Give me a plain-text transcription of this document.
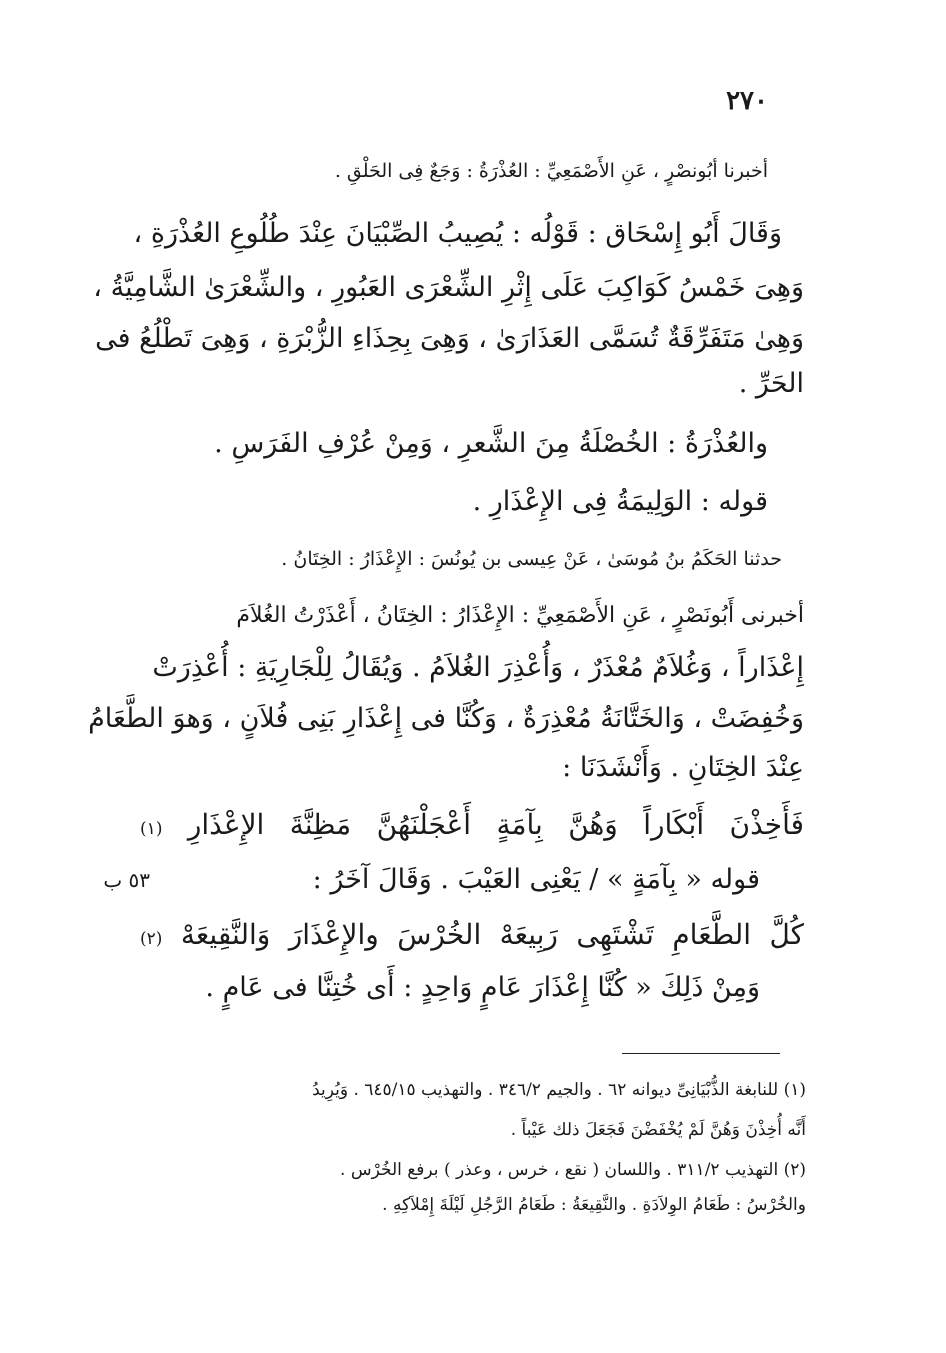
٢٧٠
أخبرنا أبُونصْرٍ ، عَنِ الأَصْمَعِيِّ : العُذْرَةُ : وَجَعٌ فِى الحَلْقِ .
وَقَالَ أَبُو إِسْحَاق : قَوْلُه : يُصِيبُ الصِّبْيَانَ عِنْدَ طُلُوعِ العُذْرَةِ ،
وَهِىَ خَمْسُ كَوَاكِبَ عَلَى إِثْرِ الشِّعْرَى العَبُورِ ، والشِّعْرَىٰ الشَّامِيَّةُ ،
وَهِىٰ مَتَفَرِّقَةٌ تُسَمَّى العَذَارَىٰ ، وَهِىَ بِحِذَاءِ الزُّبْرَةِ ، وَهِىَ تَطْلُعُ فى
الحَرِّ .
والعُذْرَةُ : الخُصْلَةُ مِنَ الشَّعرِ ، وَمِنْ عُرْفِ الفَرَسِ .
قوله : الوَلِيمَةُ فِى الإِعْذَارِ .
حدثنا الحَكَمُ بنُ مُوسَىٰ ، عَنْ عِيسى بن يُونُسَ : الإِعْذَارُ : الخِتَانُ .
أخبرنى أَبُونَصْرٍ ، عَنِ الأَصْمَعِيِّ : الإِعْذَارُ : الخِتَانُ ، أَعْذَرْتُ الغُلاَمَ
إِعْذَاراً ، وَغُلاَمٌ مُعْذَرٌ ، وَأُعْذِرَ الغُلاَمُ . وَيُقَالُ لِلْجَارِيَةِ : أُعْذِرَتْ
وَخُفِضَتْ ، وَالخَتَّانَةُ مُعْذِرَةٌ ، وَكُنَّا فى إِعْذَارِ بَنِى فُلاَنٍ ، وَهوَ الطَّعَامُ
عِنْدَ الخِتَانِ . وَأَنْشَدَنَا :
فَأَخِذْنَ
أَبْكَاراً
وَهُنَّ
بِآمَةٍ
أَعْجَلْنَهُنَّ
مَظِنَّةَ
الإِعْذَارِ
(١)
٥٣ ب	قوله « بِآمَةٍ » / يَعْنِى العَيْبَ . وَقَالَ آخَرُ :
كُلَّ
الطَّعَامِ
تَشْتَهِى
رَبِيعَهْ
الخُرْسَ
والإِعْذَارَ
وَالنَّقِيعَهْ
(٢)
وَمِنْ ذَلِكَ « كُنَّا إِعْذَارَ عَامٍ وَاحِدٍ : أَى خُتِنَّا فى عَامٍ .
(١) للنابغة الذُّبْيَانِىِّ ديوانه ٦٢ . والجيم ٣٤٦/٢ . والتهذيب ٦٤٥/١٥ . وَيُرِيدُ
أَنَّه أُخِذْنَ وَهُنَّ لَمْ يُخْفَضْنَ فَجَعَلَ ذلك عَيْباً .
(٢) التهذيب ٣١١/٢ . واللسان ( نقع ، خرس ، وعذر ) برفع الخُرْس .
والخُرْسُ : طَعَامُ الوِلاَدَةِ . والنَّقِيعَةُ : طَعَامُ الرَّجُلِ لَيْلَةَ إِمْلاَكِهِ .
